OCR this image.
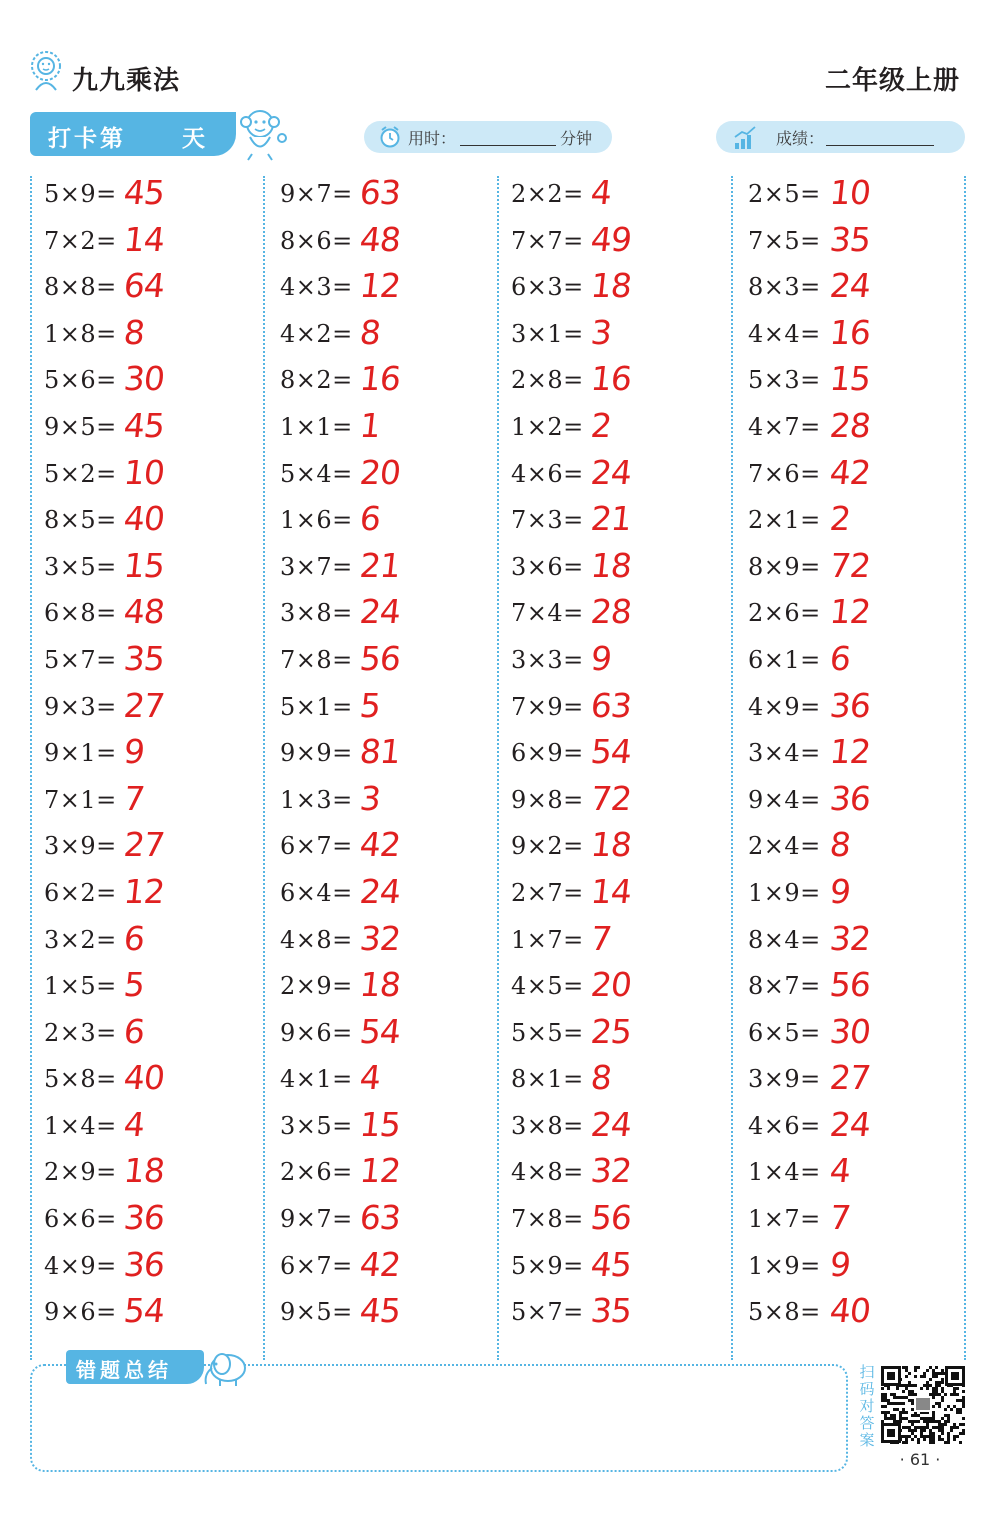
九九乘法	二年级上册
打卡第 天	用时：	分钟	成绩：
5×9= 45
7×2= 14
8×8= 64
1×8= 8
5×6= 30
9×5= 45
5×2= 10
8×5= 40
3×5= 15
6×8= 48
5×7= 35
9×3= 27
9×1= 9
7×1= 7
3×9= 27
6×2= 12
3×2= 6
1×5= 5
2×3= 6
5×8= 40
1×4= 4
2×9= 18
6×6= 36
4×9= 36
9×6= 54
9×7= 63
8×6= 48
4×3= 12
4×2= 8
8×2= 16
1×1= 1
5×4= 20
1×6= 6
3×7= 21
3×8= 24
7×8= 56
5×1= 5
9×9= 81
1×3= 3
6×7= 42
6×4= 24
4×8= 32
2×9= 18
9×6= 54
4×1= 4
3×5= 15
2×6= 12
9×7= 63
6×7= 42
9×5= 45
2×2= 4
7×7= 49
6×3= 18
3×1= 3
2×8= 16
1×2= 2
4×6= 24
7×3= 21
3×6= 18
7×4= 28
3×3= 9
7×9= 63
6×9= 54
9×8= 72
9×2= 18
2×7= 14
1×7= 7
4×5= 20
5×5= 25
8×1= 8
3×8= 24
4×8= 32
7×8= 56
5×9= 45
5×7= 35
2×5= 10
7×5= 35
8×3= 24
4×4= 16
5×3= 15
4×7= 28
7×6= 42
2×1= 2
8×9= 72
2×6= 12
6×1= 6
4×9= 36
3×4= 12
9×4= 36
2×4= 8
1×9= 9
8×4= 32
8×7= 56
6×5= 30
3×9= 27
4×6= 24
1×4= 4
1×7= 7
1×9= 9
5×8= 40
错题总结	扫码对答案
· 61 ·
